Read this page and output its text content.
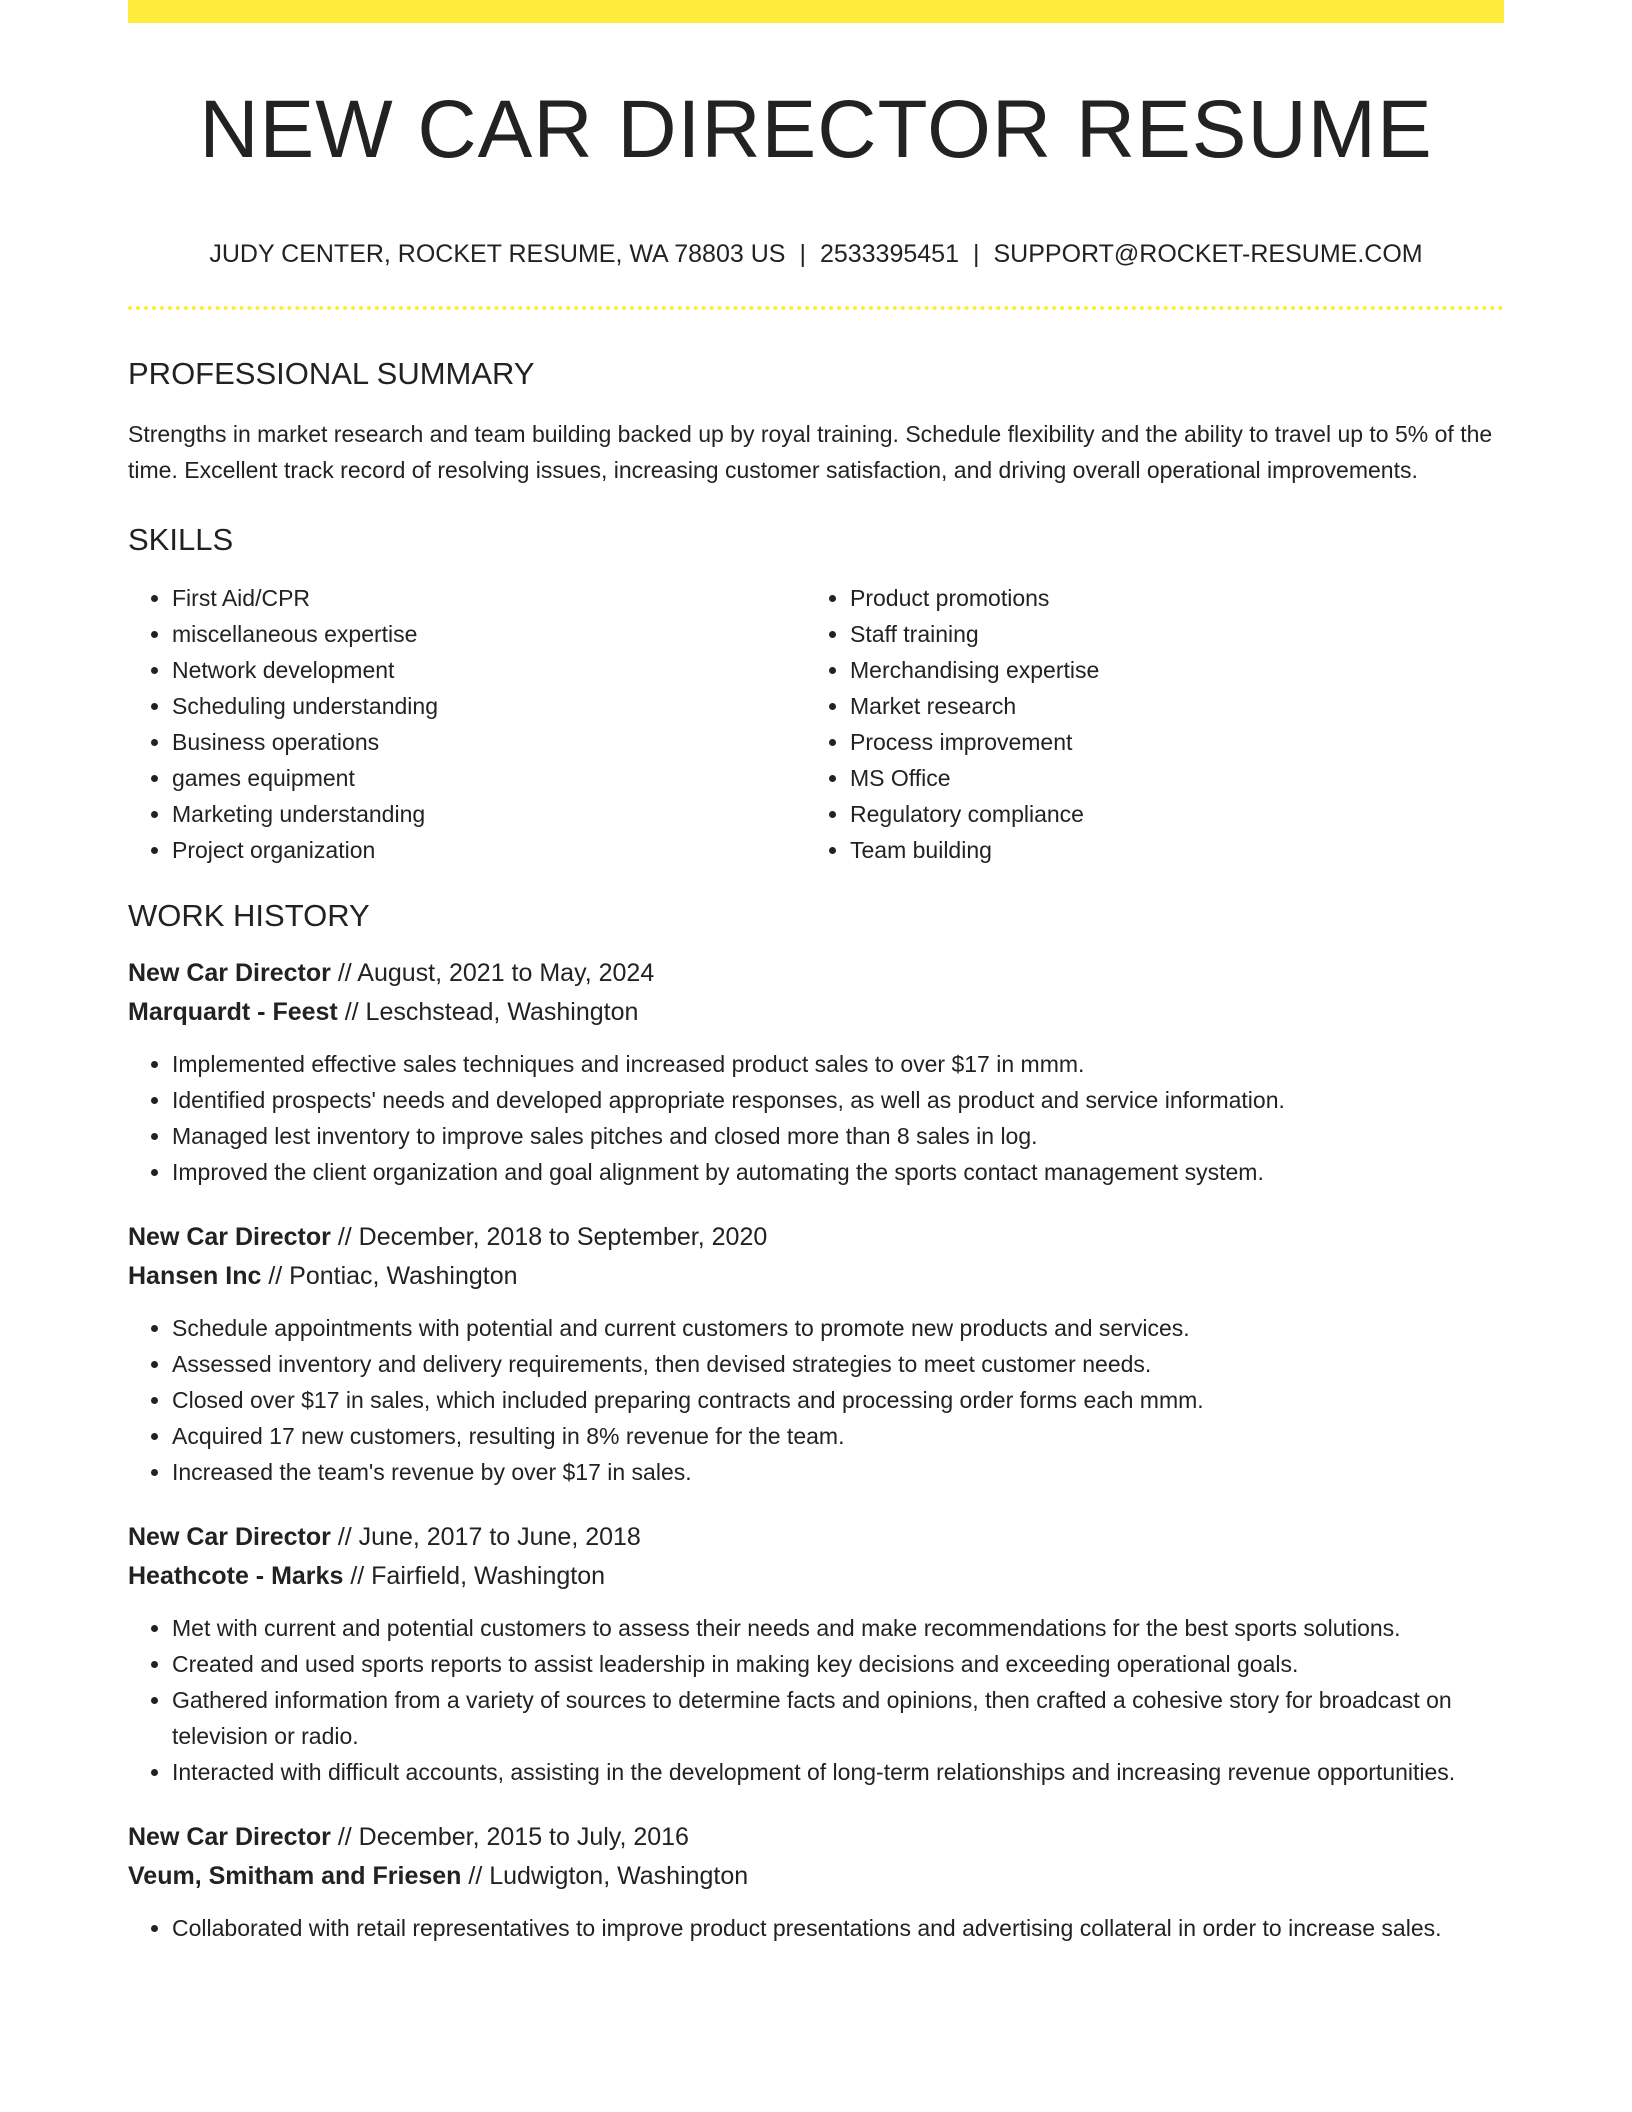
NEW CAR DIRECTOR RESUME
JUDY CENTER, ROCKET RESUME, WA 78803 US | 2533395451 | SUPPORT@ROCKET-RESUME.COM
PROFESSIONAL SUMMARY

Strengths in market research and team building backed up by royal training. Schedule flexibility and the ability to travel up to 5% of the time. Excellent track record of resolving issues, increasing customer satisfaction, and driving overall operational improvements.

SKILLS
• First Aid/CPR
• miscellaneous expertise
• Network development
• Scheduling understanding
• Business operations
• games equipment
• Marketing understanding
• Project organization
• Product promotions
• Staff training
• Merchandising expertise
• Market research
• Process improvement
• MS Office
• Regulatory compliance
• Team building
WORK HISTORY
New Car Director // August, 2021 to May, 2024
Marquardt - Feest // Leschstead, Washington
• Implemented effective sales techniques and increased product sales to over $17 in mmm.
• Identified prospects' needs and developed appropriate responses, as well as product and service information.
• Managed lest inventory to improve sales pitches and closed more than 8 sales in log.
• Improved the client organization and goal alignment by automating the sports contact management system.
New Car Director // December, 2018 to September, 2020
Hansen Inc // Pontiac, Washington
• Schedule appointments with potential and current customers to promote new products and services.
• Assessed inventory and delivery requirements, then devised strategies to meet customer needs.
• Closed over $17 in sales, which included preparing contracts and processing order forms each mmm.
• Acquired 17 new customers, resulting in 8% revenue for the team.
• Increased the team's revenue by over $17 in sales.
New Car Director // June, 2017 to June, 2018
Heathcote - Marks // Fairfield, Washington
• Met with current and potential customers to assess their needs and make recommendations for the best sports solutions.
• Created and used sports reports to assist leadership in making key decisions and exceeding operational goals.
• Gathered information from a variety of sources to determine facts and opinions, then crafted a cohesive story for broadcast on television or radio.
• Interacted with difficult accounts, assisting in the development of long-term relationships and increasing revenue opportunities.
New Car Director // December, 2015 to July, 2016
Veum, Smitham and Friesen // Ludwigton, Washington
• Collaborated with retail representatives to improve product presentations and advertising collateral in order to increase sales.
